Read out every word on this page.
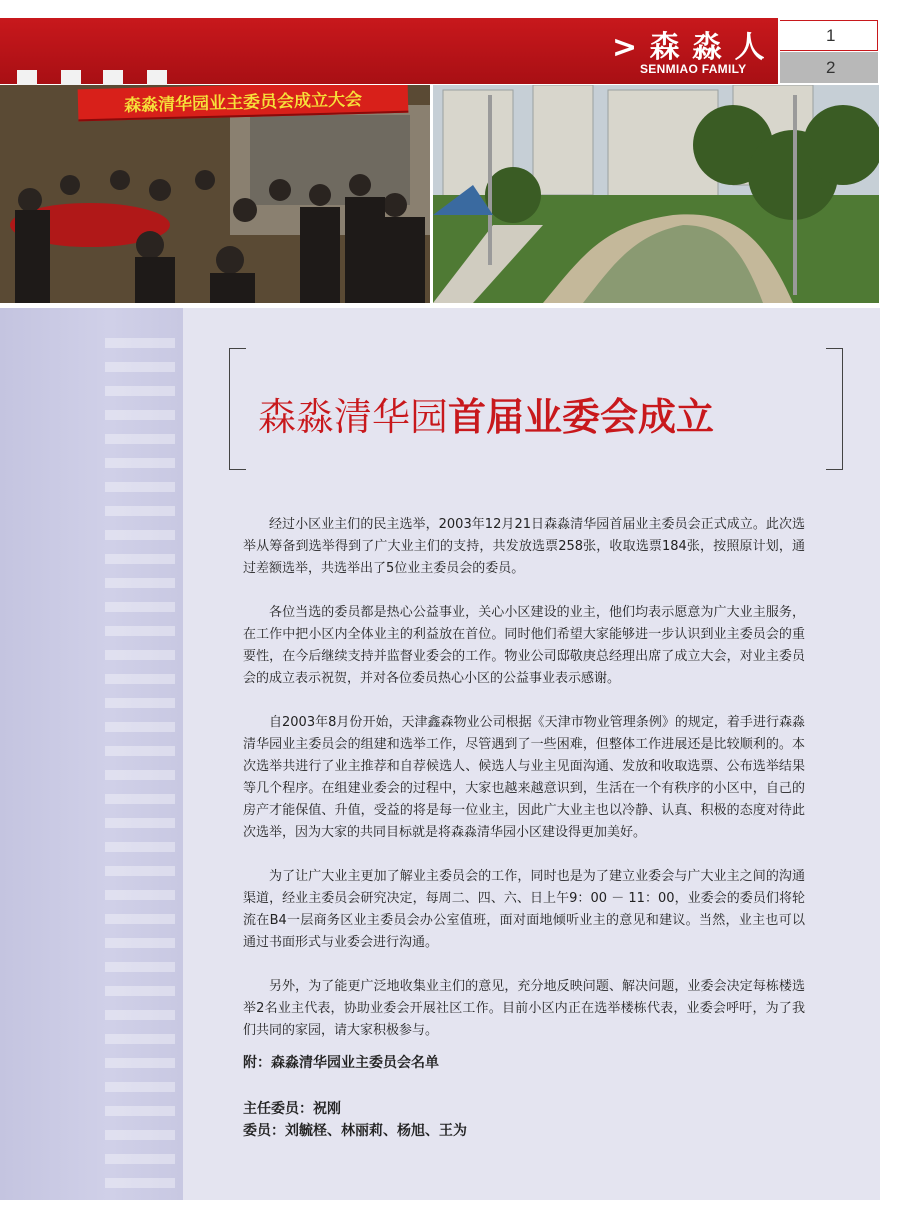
> 森 淼 人
SENMIAO FAMILY
1
2
森淼清华园业主委员会成立大会
森淼清华园首届业委会成立

经过小区业主们的民主选举，2003年12月21日森淼清华园首届业主委员会正式成立。此次选举从筹备到选举得到了广大业主们的支持，共发放选票258张，收取选票184张，按照原计划，通过差额选举，共选举出了5位业主委员会的委员。

各位当选的委员都是热心公益事业，关心小区建设的业主，他们均表示愿意为广大业主服务，在工作中把小区内全体业主的利益放在首位。同时他们希望大家能够进一步认识到业主委员会的重要性，在今后继续支持并监督业委会的工作。物业公司邸敬庚总经理出席了成立大会，对业主委员会的成立表示祝贺，并对各位委员热心小区的公益事业表示感谢。

自2003年8月份开始，天津鑫森物业公司根据《天津市物业管理条例》的规定，着手进行森淼清华园业主委员会的组建和选举工作，尽管遇到了一些困难，但整体工作进展还是比较顺利的。本次选举共进行了业主推荐和自荐候选人、候选人与业主见面沟通、发放和收取选票、公布选举结果等几个程序。在组建业委会的过程中，大家也越来越意识到，生活在一个有秩序的小区中，自己的房产才能保值、升值，受益的将是每一位业主，因此广大业主也以冷静、认真、积极的态度对待此次选举，因为大家的共同目标就是将森淼清华园小区建设得更加美好。

为了让广大业主更加了解业主委员会的工作，同时也是为了建立业委会与广大业主之间的沟通渠道，经业主委员会研究决定，每周二、四、六、日上午9：00 － 11：00，业委会的委员们将轮流在B4一层商务区业主委员会办公室值班，面对面地倾听业主的意见和建议。当然，业主也可以通过书面形式与业委会进行沟通。

另外，为了能更广泛地收集业主们的意见，充分地反映问题、解决问题，业委会决定每栋楼选举2名业主代表，协助业委会开展社区工作。目前小区内正在选举楼栋代表，业委会呼吁，为了我们共同的家园，请大家积极参与。

附：森淼清华园业主委员会名单
主任委员：祝刚
委员：刘毓柽、林丽莉、杨旭、王为
